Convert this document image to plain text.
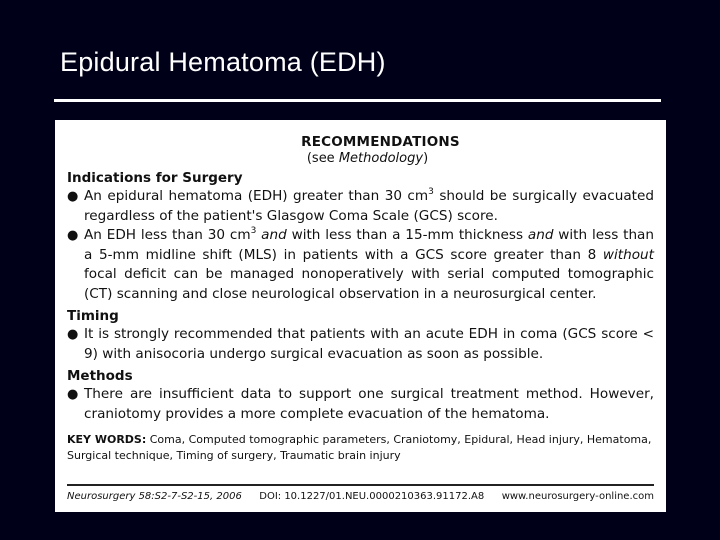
Epidural Hematoma (EDH)
RECOMMENDATIONS
(see Methodology)
Indications for Surgery
● An epidural hematoma (EDH) greater than 30 $cm^3$ should be surgically evacuated regardless of the patient's Glasgow Coma Scale (GCS) score.
● An EDH less than 30 $cm^3$ and with less than a 15-mm thickness and with less than a 5-mm midline shift (MLS) in patients with a GCS score greater than 8 without focal deficit can be managed nonoperatively with serial computed tomographic (CT) scanning and close neurological observation in a neurosurgical center.
Timing
● It is strongly recommended that patients with an acute EDH in coma (GCS score < 9) with anisocoria undergo surgical evacuation as soon as possible.
Methods
● There are insufficient data to support one surgical treatment method. However, craniotomy provides a more complete evacuation of the hematoma.
KEY WORDS: Coma, Computed tomographic parameters, Craniotomy, Epidural, Head injury, Hematoma, Surgical technique, Timing of surgery, Traumatic brain injury
Neurosurgery 58:S2-7-S2-15, 2006 DOI: 10.1227/01.NEU.0000210363.91172.A8 www.neurosurgery-online.com
